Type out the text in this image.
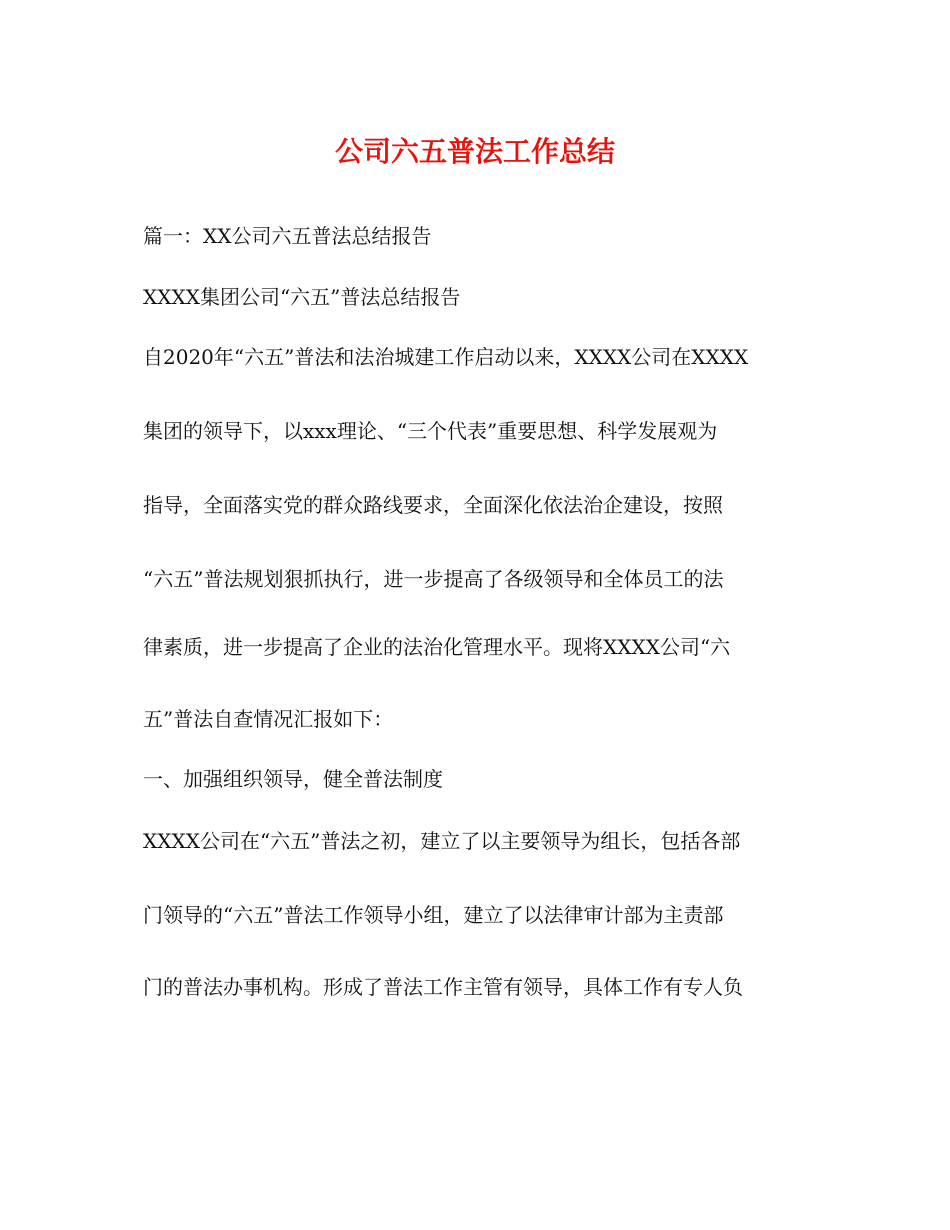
公司六五普法工作总结
篇一：XX公司六五普法总结报告
XXXX集团公司“六五”普法总结报告
自2020年“六五”普法和法治城建工作启动以来，XXXX公司在XXXX
集团的领导下，以xxx理论、“三个代表”重要思想、科学发展观为
指导，全面落实党的群众路线要求，全面深化依法治企建设，按照
“六五”普法规划狠抓执行，进一步提高了各级领导和全体员工的法
律素质，进一步提高了企业的法治化管理水平。现将XXXX公司“六
五”普法自查情况汇报如下：
一、加强组织领导，健全普法制度
XXXX公司在“六五”普法之初，建立了以主要领导为组长，包括各部
门领导的“六五”普法工作领导小组，建立了以法律审计部为主责部
门的普法办事机构。形成了普法工作主管有领导，具体工作有专人负
